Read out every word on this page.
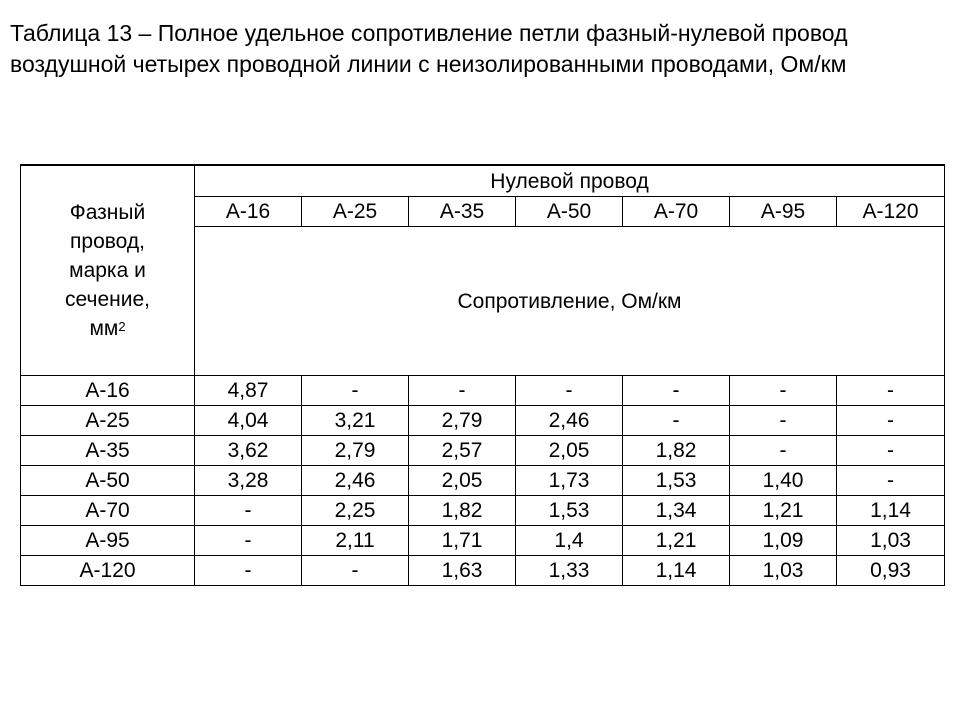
Таблица 13 – Полное удельное сопротивление петли фазный-нулевой провод воздушной четырех проводной линии с неизолированными проводами, Ом/км
Фазный
провод,
марка и
сечение,
$мм^2$	Нулевой провод						
	А-16	А-25	А-35	А-50	А-70	А-95	А-120
	Сопротивление, Ом/км						
А-16	4,87	-	-	-	-	-	-
А-25	4,04	3,21	2,79	2,46	-	-	-
А-35	3,62	2,79	2,57	2,05	1,82	-	-
А-50	3,28	2,46	2,05	1,73	1,53	1,40	-
А-70	-	2,25	1,82	1,53	1,34	1,21	1,14
А-95	-	2,11	1,71	1,4	1,21	1,09	1,03
А-120	-	-	1,63	1,33	1,14	1,03	0,93
